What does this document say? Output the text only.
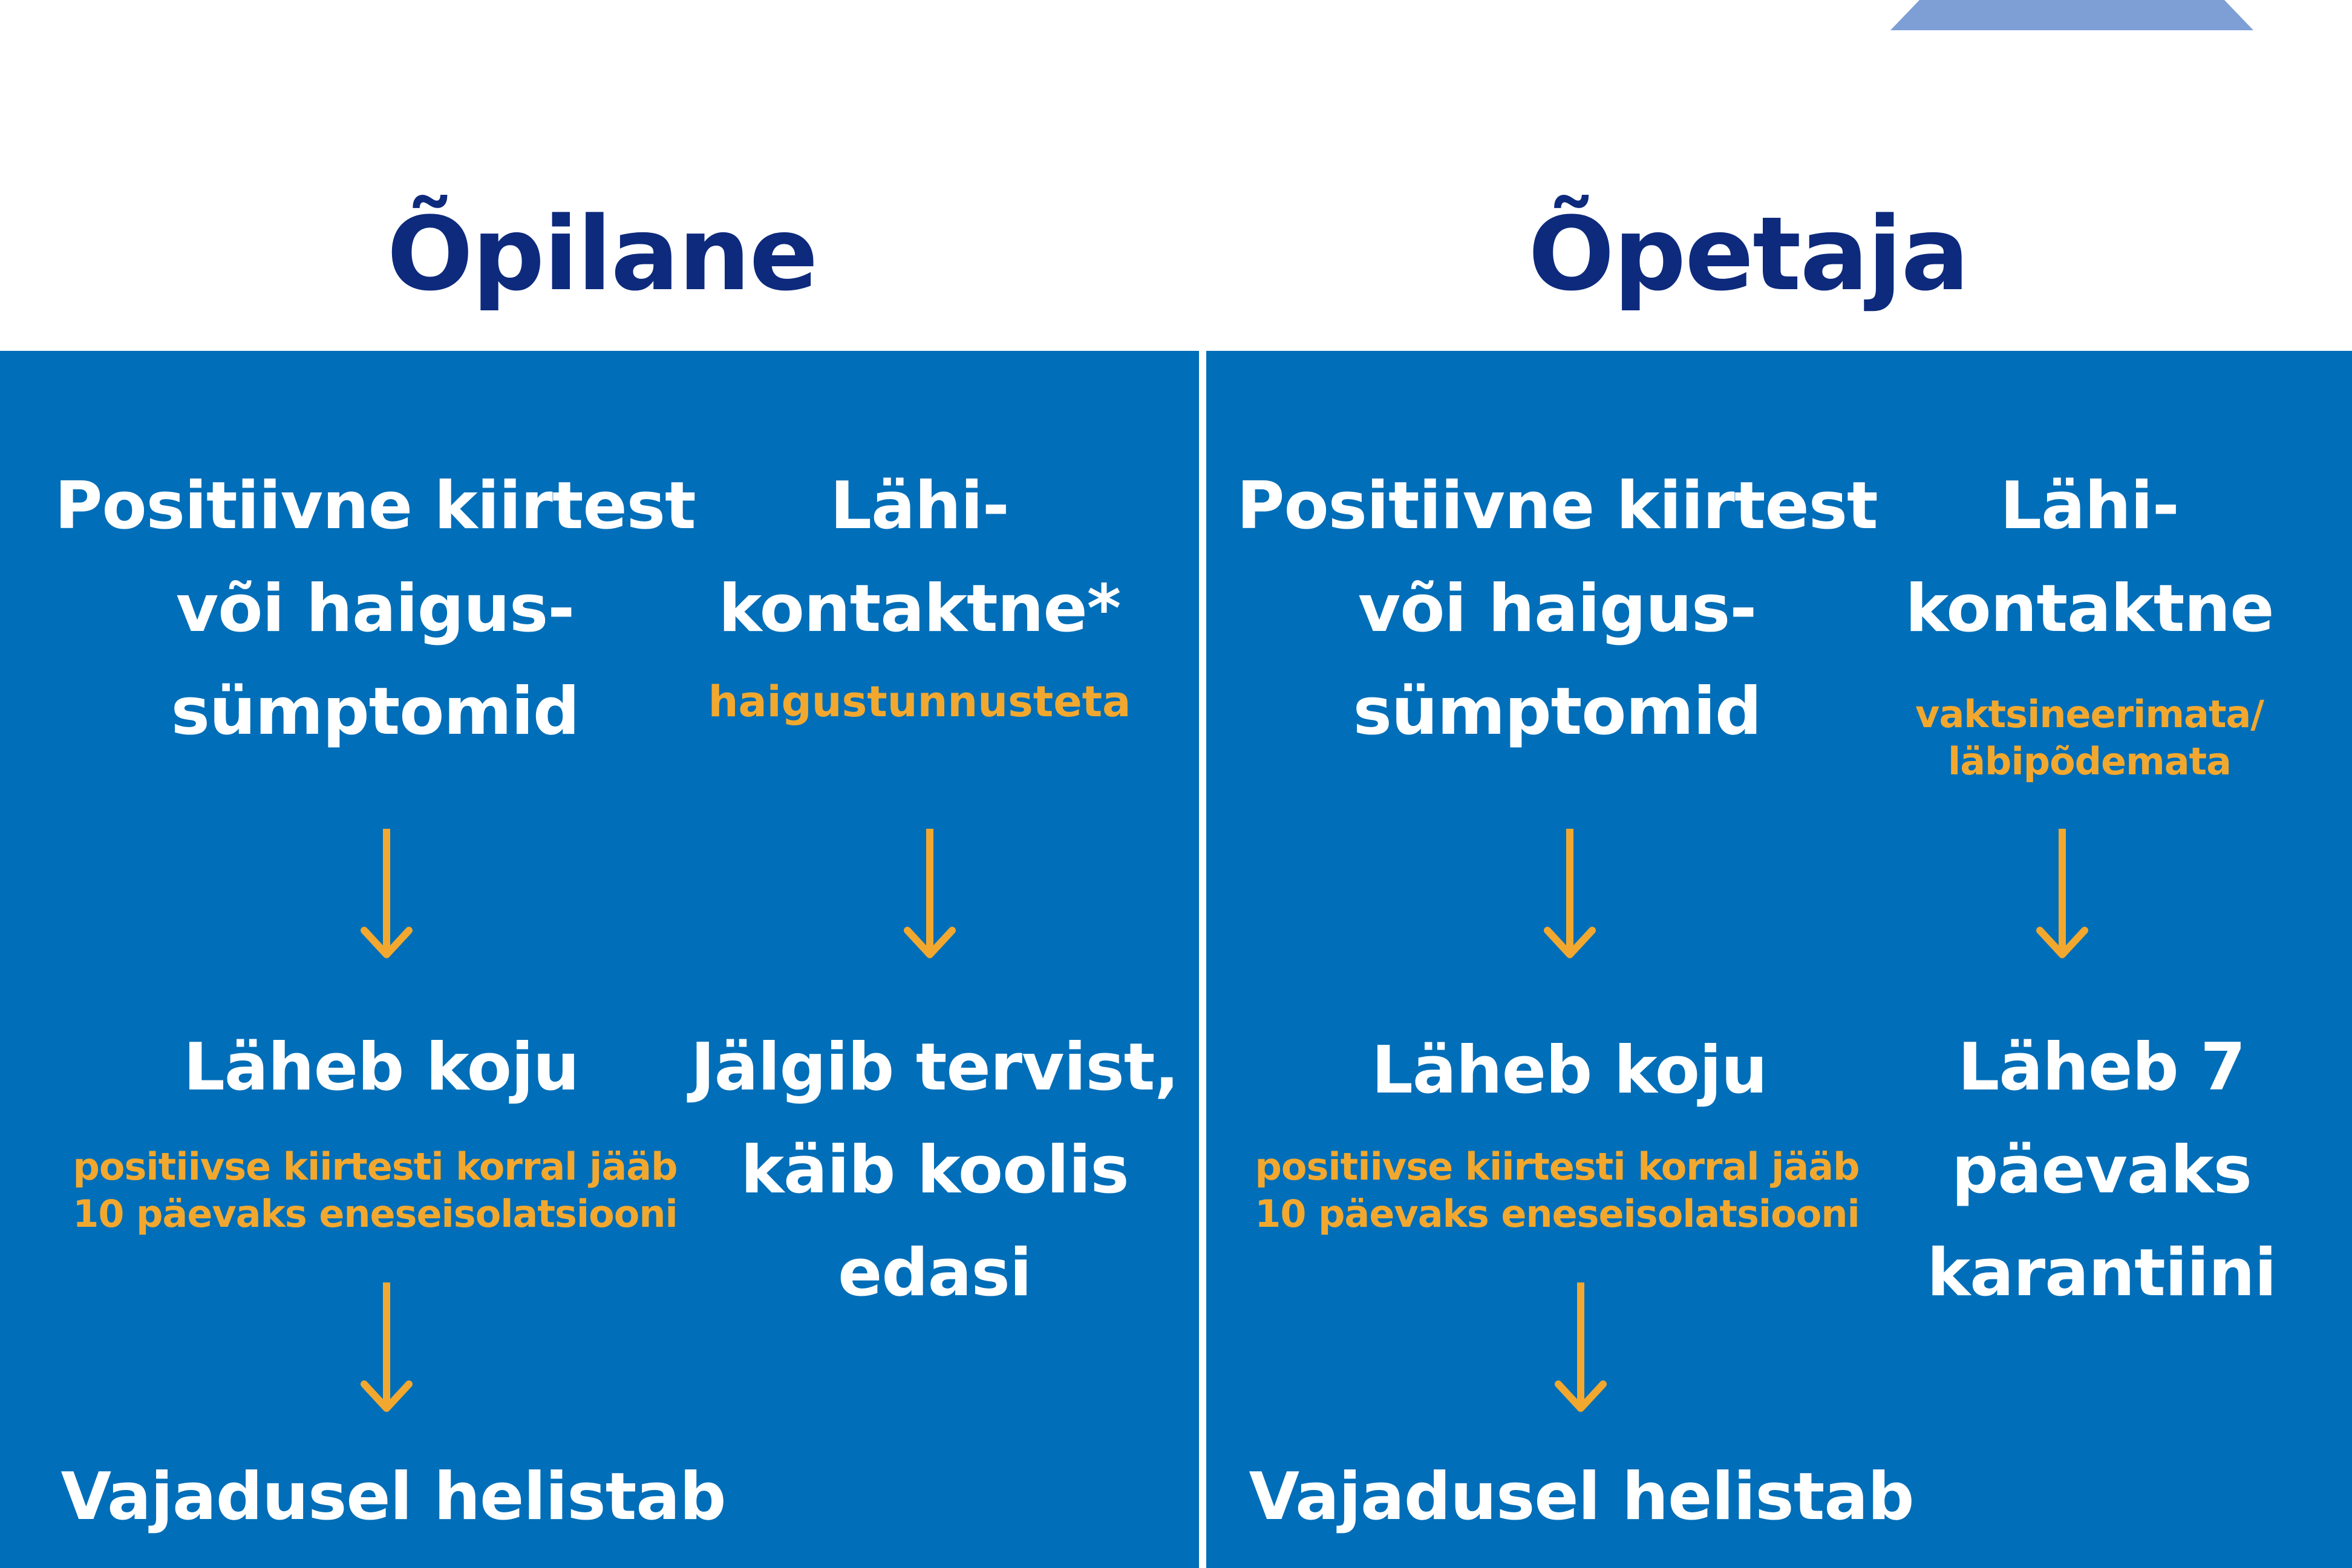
Õpilane	Õpetaja
Positiivne kiirtest
või haigus-
sümptomid
Läheb koju
positiivse kiirtesti korral jääb
10 päevaks eneseisolatsiooni
Vajadusel helistab
Lähi-
kontaktne*
haigustunnusteta
Jälgib tervist,
käib koolis
edasi
Positiivne kiirtest
või haigus-
sümptomid
Läheb koju
positiivse kiirtesti korral jääb
10 päevaks eneseisolatsiooni
Vajadusel helistab
Lähi-
kontaktne
vaktsineerimata/
läbipõdemata
Läheb 7
päevaks
karantiini
